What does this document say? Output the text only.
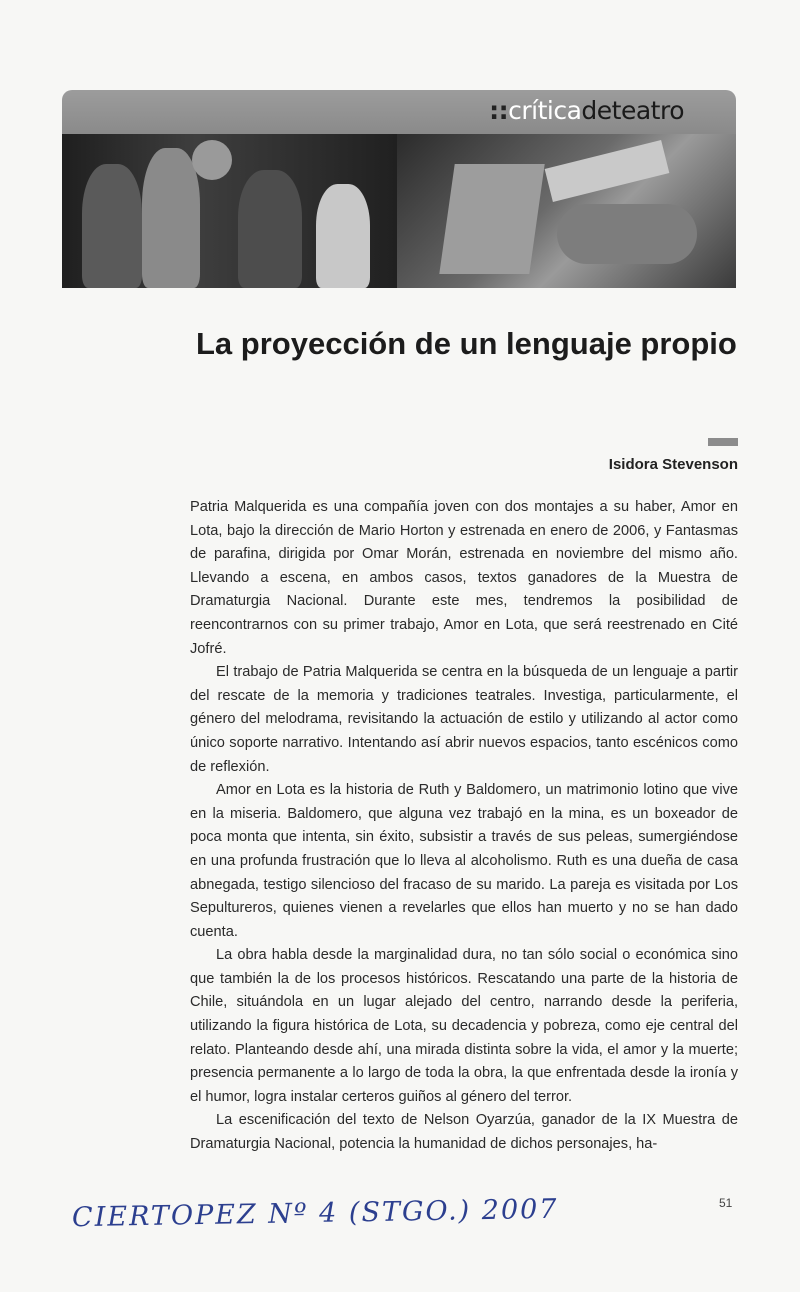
::críticadeteatro
La proyección de un lenguaje propio
Isidora Stevenson

Patria Malquerida es una compañía joven con dos montajes a su haber, Amor en Lota, bajo la dirección de Mario Horton y estrenada en enero de 2006, y Fantasmas de parafina, dirigida por Omar Morán, estrenada en noviembre del mismo año. Llevando a escena, en ambos casos, textos ganadores de la Muestra de Dramaturgia Nacional. Durante este mes, tendremos la posibilidad de reencontrarnos con su primer trabajo, Amor en Lota, que será reestrenado en Cité Jofré.

El trabajo de Patria Malquerida se centra en la búsqueda de un lenguaje a partir del rescate de la memoria y tradiciones teatrales. Investiga, particularmente, el género del melodrama, revisitando la actuación de estilo y utilizando al actor como único soporte narrativo. Intentando así abrir nuevos espacios, tanto escénicos como de reflexión.

Amor en Lota es la historia de Ruth y Baldomero, un matrimonio lotino que vive en la miseria. Baldomero, que alguna vez trabajó en la mina, es un boxeador de poca monta que intenta, sin éxito, subsistir a través de sus peleas, sumergiéndose en una profunda frustración que lo lleva al alcoholismo. Ruth es una dueña de casa abnegada, testigo silencioso del fracaso de su marido. La pareja es visitada por Los Sepultureros, quienes vienen a revelarles que ellos han muerto y no se han dado cuenta.

La obra habla desde la marginalidad dura, no tan sólo social o económica sino que también la de los procesos históricos. Rescatando una parte de la historia de Chile, situándola en un lugar alejado del centro, narrando desde la periferia, utilizando la figura histórica de Lota, su decadencia y pobreza, como eje central del relato. Planteando desde ahí, una mirada distinta sobre la vida, el amor y la muerte; presencia permanente a lo largo de toda la obra, la que enfrentada desde la ironía y el humor, logra instalar certeros guiños al género del terror.

La escenificación del texto de Nelson Oyarzúa, ganador de la IX Muestra de Dramaturgia Nacional, potencia la humanidad de dichos personajes, ha-

CIERTOPEZ Nº 4 (STGO.) 2007	51
